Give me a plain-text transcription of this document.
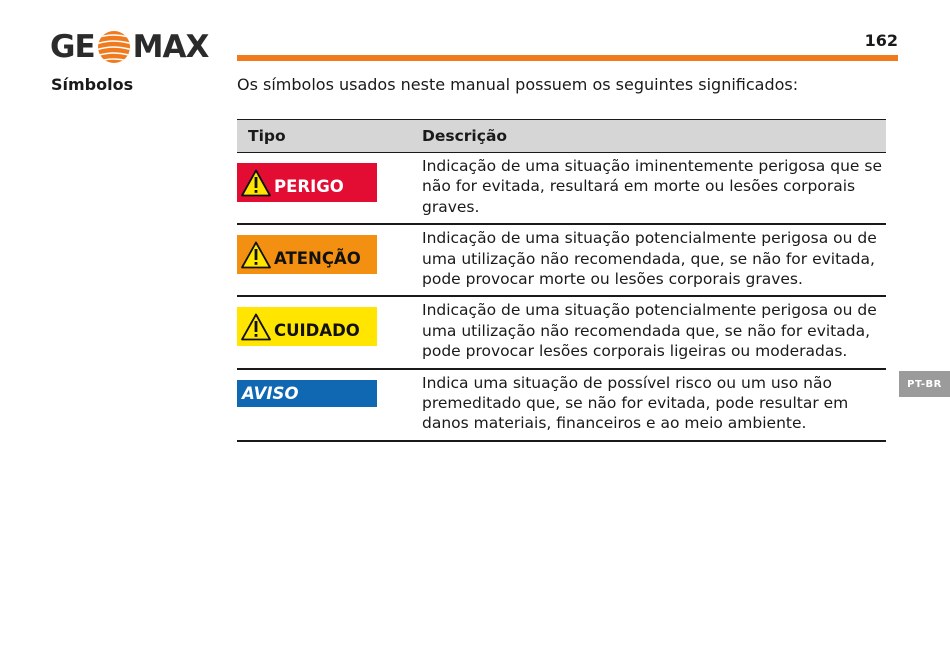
GE MAX	162
Símbolos	Os símbolos usados neste manual possuem os seguintes significados:
Tipo	Descrição

PERIGO	Indicação de uma situação iminentemente perigosa que se não for evitada, resultará em morte ou lesões corporais graves.

ATENÇÃO	Indicação de uma situação potencialmente perigosa ou de uma utilização não recomendada, que, se não for evitada, pode provocar morte ou lesões corporais graves.

CUIDADO	Indicação de uma situação potencialmente perigosa ou de uma utilização não recomendada que, se não for evitada, pode provocar lesões corporais ligeiras ou moderadas.

AVISO	Indica uma situação de possível risco ou um uso não premeditado que, se não for evitada, pode resultar em danos materiais, financeiros e ao meio ambiente.
PT-BR
